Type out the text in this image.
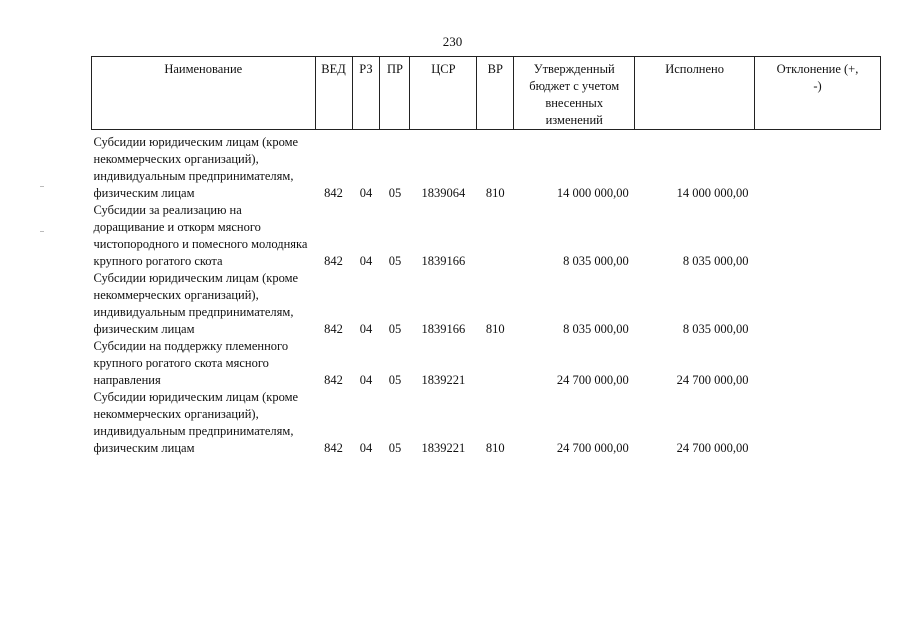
230
Наименование	ВЕД	РЗ	ПР	ЦСР	ВР	Утвержденный бюджет с учетом внесенных изменений	Исполнено	Отклонение (+, -)
Субсидии юридическим лицам (кроме некоммерческих организаций), индивидуальным предпринимателям, физическим лицам	842	04	05	1839064	810	14 000 000,00	14 000 000,00	
Субсидии за реализацию на доращивание и откорм мясного чистопородного и помесного молодняка крупного рогатого скота	842	04	05	1839166		8 035 000,00	8 035 000,00	
Субсидии юридическим лицам (кроме некоммерческих организаций), индивидуальным предпринимателям, физическим лицам	842	04	05	1839166	810	8 035 000,00	8 035 000,00	
Субсидии на поддержку племенного крупного рогатого скота мясного направления	842	04	05	1839221		24 700 000,00	24 700 000,00	
Субсидии юридическим лицам (кроме некоммерческих организаций), индивидуальным предпринимателям, физическим лицам	842	04	05	1839221	810	24 700 000,00	24 700 000,00	
